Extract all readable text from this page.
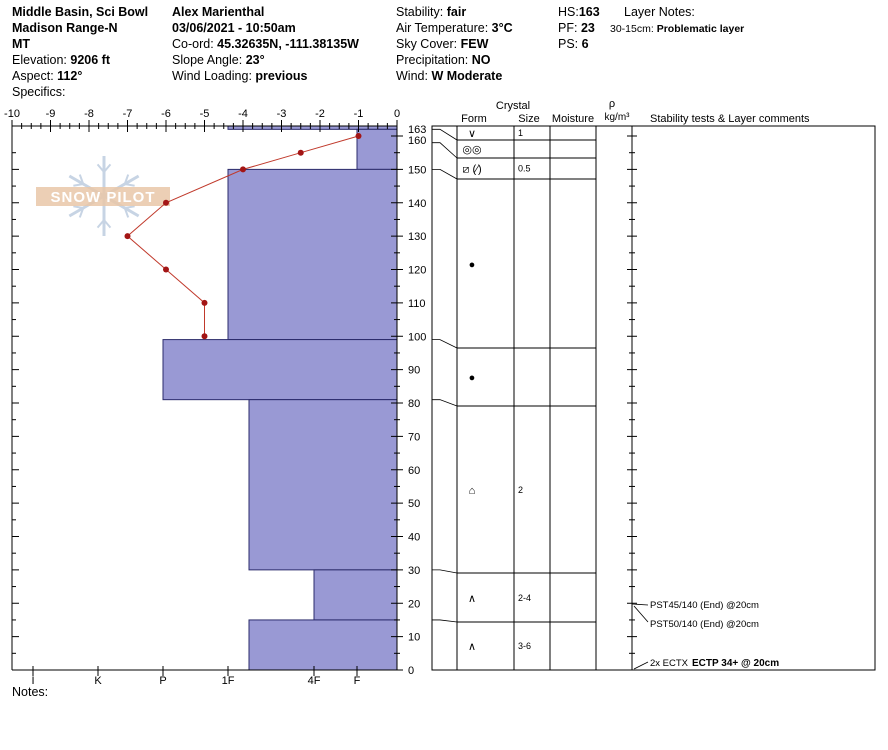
Middle Basin, Sci Bowl
Madison Range-N
MT
Elevation: 9206 ft
Aspect: 112°
Specifics:
Alex Marienthal
03/06/2021 - 10:50am
Co-ord: 45.32635N, -111.38135W
Slope Angle: 23°
Wind Loading: previous
Stability: fair
Air Temperature: 3°C
Sky Cover: FEW
Precipitation: NO
Wind: W Moderate
HS:163
PF: 23
PS: 6
Layer Notes:
30-15cm: Problematic layer
Notes:
SNOW PILOT
-10 -9	-8	-7	-6	-5	-4	-3	-2	-1	0
0
10
20
30
40
50
60
70
80
90
100
110
120
130
140
150
160
163
I	K	P	1F	4F	F
Crystal
Form	Size Moisture
ρ
kg/m³ Stability tests & Layer comments
∨	1
◎◎
⧄ (⁄)	0.5
●
●
⌂	2
∧	2-4
∧	3-6
PST45/140 (End) @20cm
PST50/140 (End) @20cm
2x ECTX ECTP 34+ @ 20cm
